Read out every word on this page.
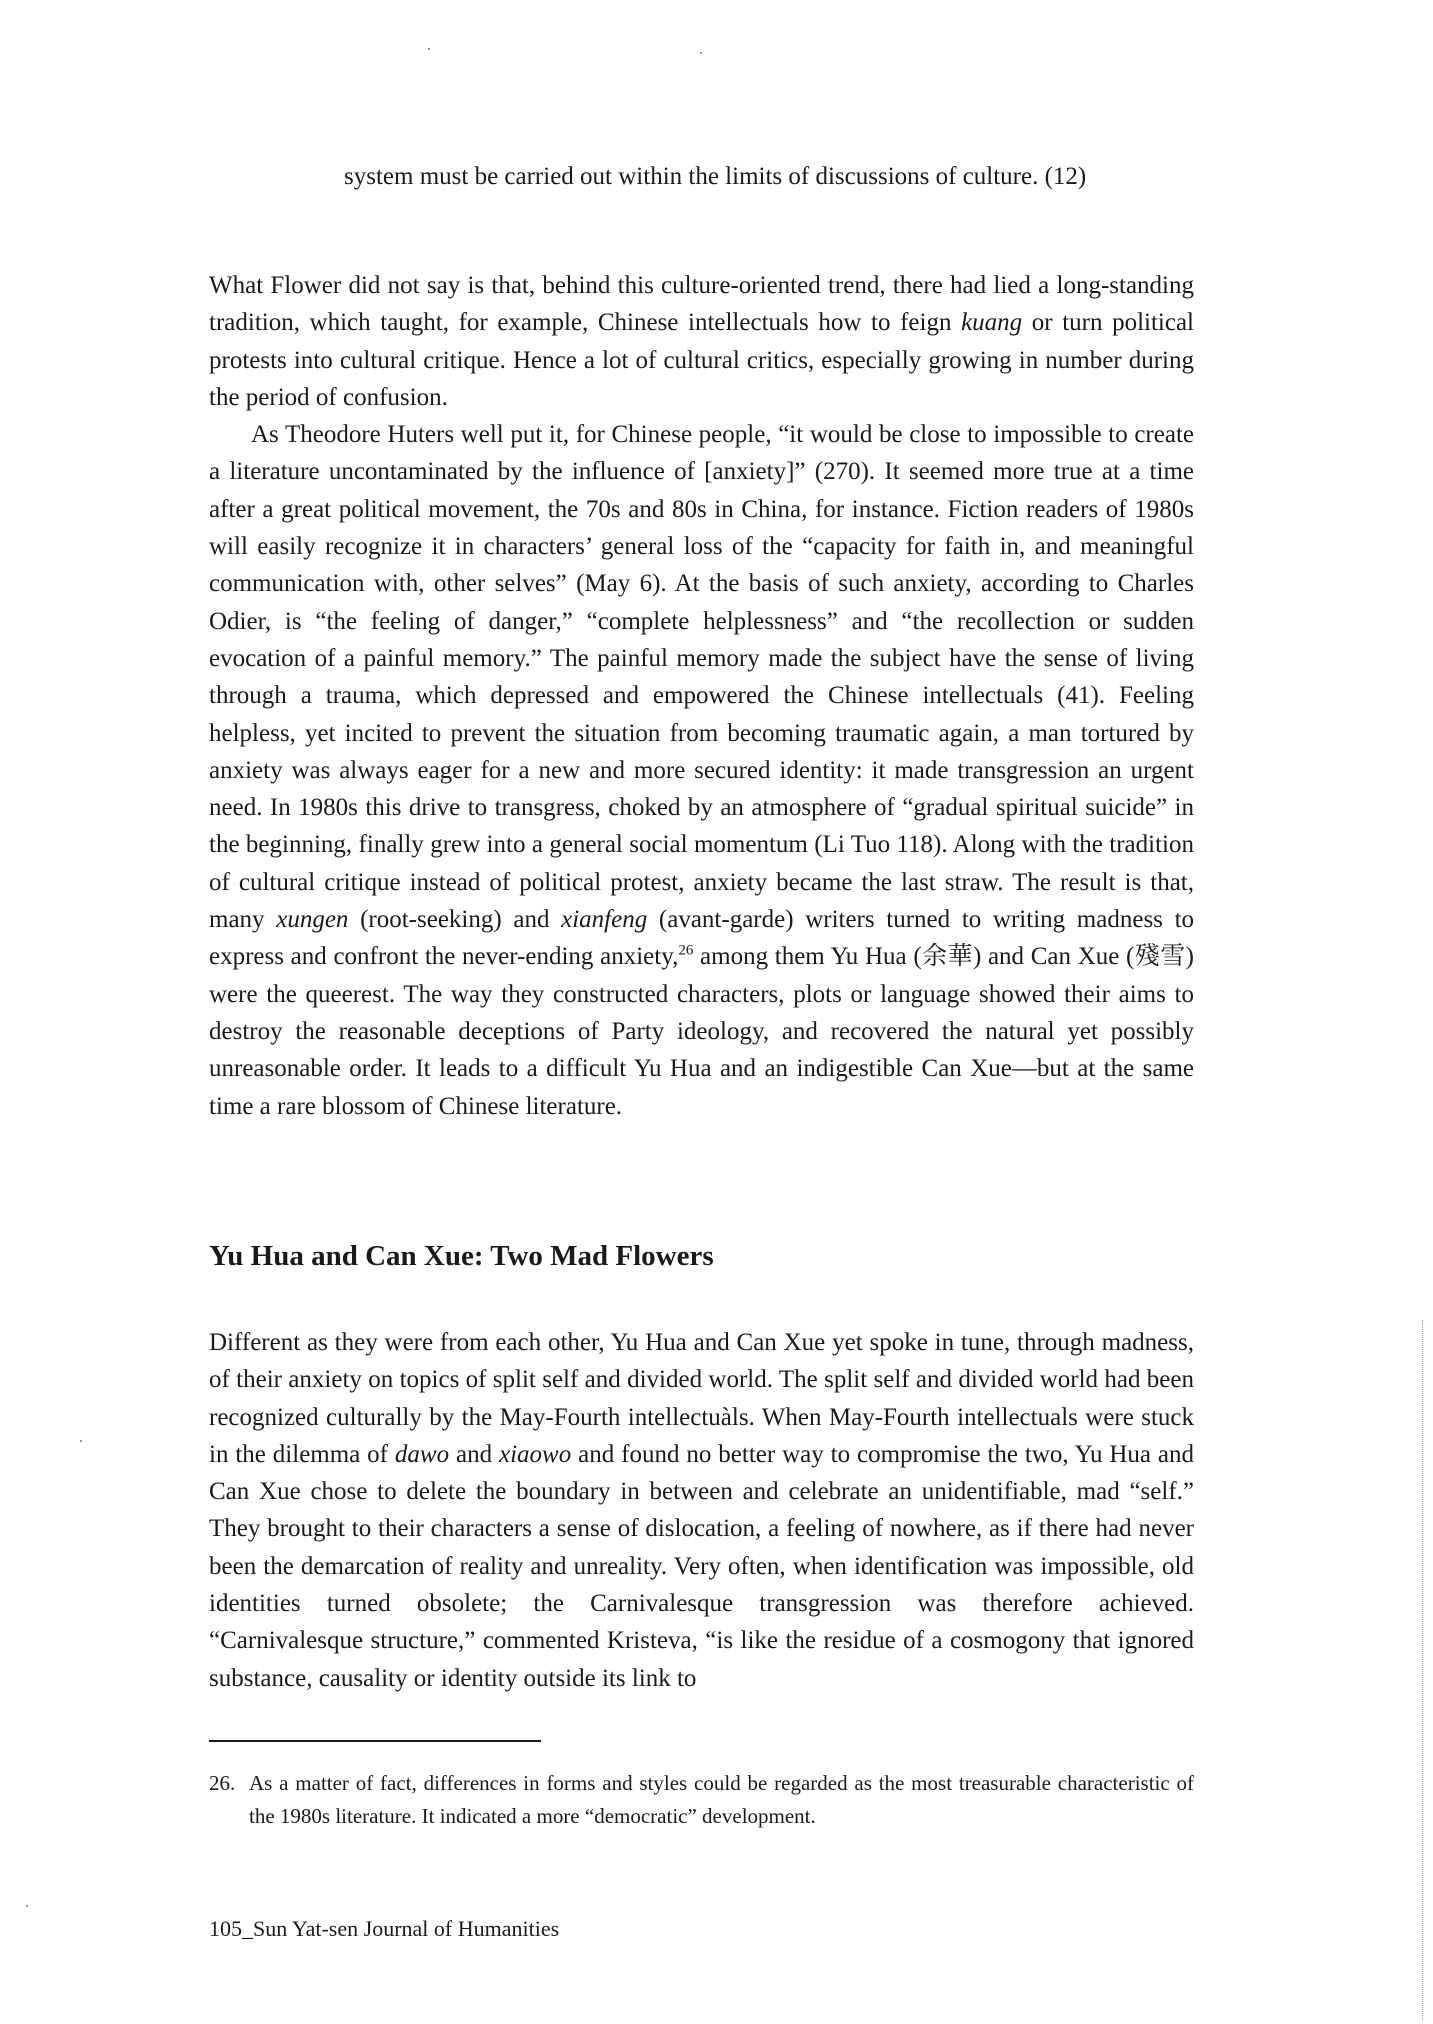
system must be carried out within the limits of discussions of culture. (12)

What Flower did not say is that, behind this culture-oriented trend, there had lied a long-standing tradition, which taught, for example, Chinese intellectuals how to feign kuang or turn political protests into cultural critique. Hence a lot of cultural critics, especially growing in number during the period of confusion.

As Theodore Huters well put it, for Chinese people, “it would be close to impossible to create a literature uncontaminated by the influence of [anxiety]” (270). It seemed more true at a time after a great political movement, the 70s and 80s in China, for instance. Fiction readers of 1980s will easily recognize it in characters’ general loss of the “capacity for faith in, and meaningful communication with, other selves” (May 6). At the basis of such anxiety, according to Charles Odier, is “the feeling of danger,” “complete helplessness” and “the recollection or sudden evocation of a painful memory.” The painful memory made the subject have the sense of living through a trauma, which depressed and empowered the Chinese intellectuals (41). Feeling helpless, yet incited to prevent the situation from becoming traumatic again, a man tortured by anxiety was always eager for a new and more secured identity: it made transgression an urgent need. In 1980s this drive to transgress, choked by an atmosphere of “gradual spiritual suicide” in the beginning, finally grew into a general social momentum (Li Tuo 118). Along with the tradition of cultural critique instead of political protest, anxiety became the last straw. The result is that, many xungen (root-seeking) and xianfeng (avant-garde) writers turned to writing madness to express and confront the never-ending anxiety,$^{26}$ among them Yu Hua (余華) and Can Xue (殘雪) were the queerest. The way they constructed characters, plots or language showed their aims to destroy the reasonable deceptions of Party ideology, and recovered the natural yet possibly unreasonable order. It leads to a difficult Yu Hua and an indigestible Can Xue—but at the same time a rare blossom of Chinese literature.

Yu Hua and Can Xue: Two Mad Flowers

Different as they were from each other, Yu Hua and Can Xue yet spoke in tune, through madness, of their anxiety on topics of split self and divided world. The split self and divided world had been recognized culturally by the May-Fourth intellectuàls. When May-Fourth intellectuals were stuck in the dilemma of dawo and xiaowo and found no better way to compromise the two, Yu Hua and Can Xue chose to delete the boundary in between and celebrate an unidentifiable, mad “self.” They brought to their characters a sense of dislocation, a feeling of nowhere, as if there had never been the demarcation of reality and unreality. Very often, when identification was impossible, old identities turned obsolete; the Carnivalesque transgression was therefore achieved. “Carnivalesque structure,” commented Kristeva, “is like the residue of a cosmogony that ignored substance, causality or identity outside its link to

26. As a matter of fact, differences in forms and styles could be regarded as the most treasurable characteristic of the 1980s literature. It indicated a more “democratic” development.

105_Sun Yat-sen Journal of Humanities
